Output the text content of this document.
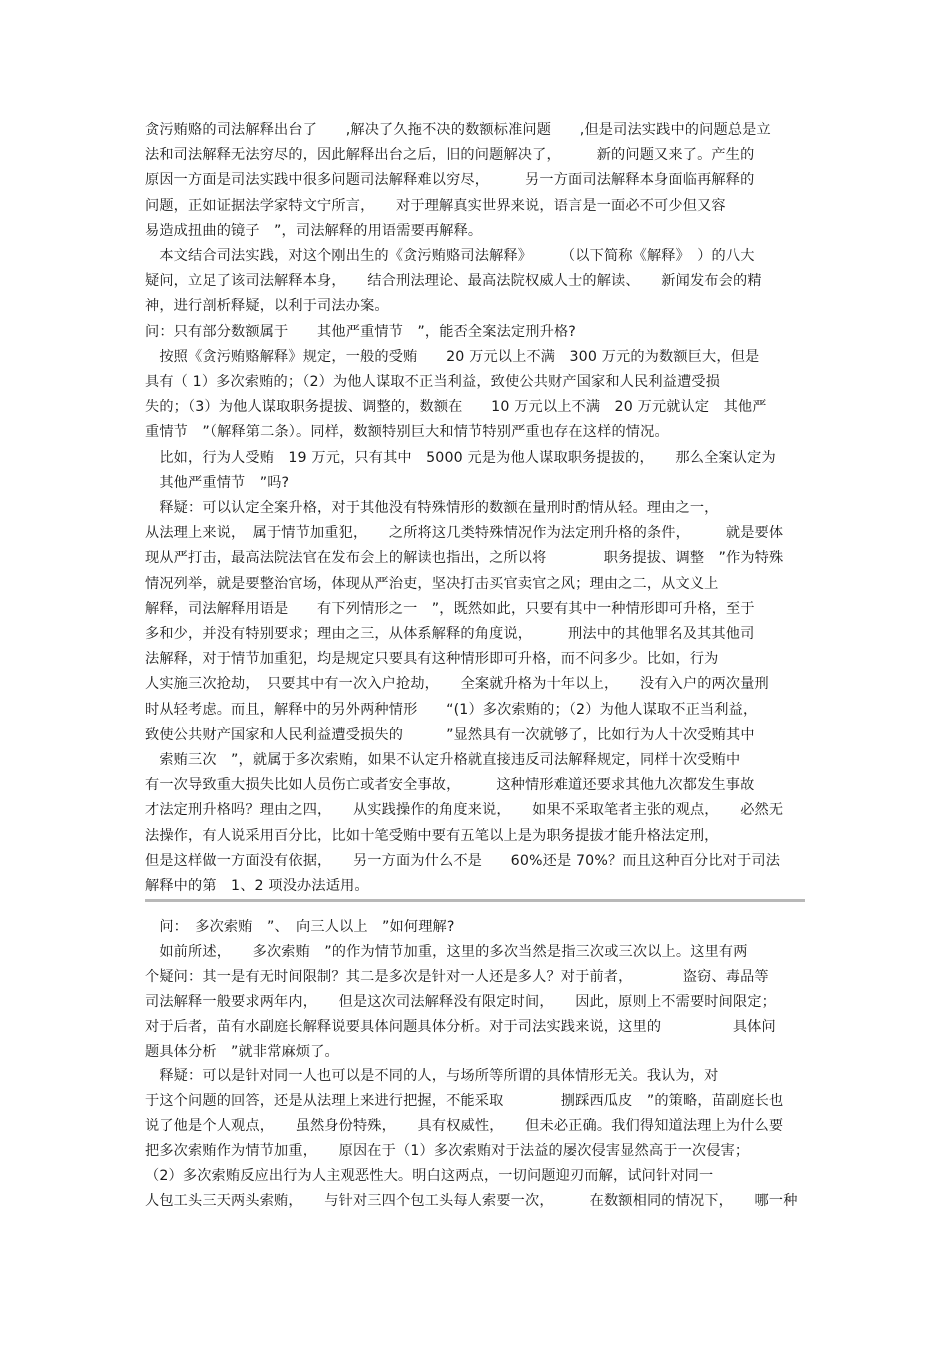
贪污贿赂的司法解释出台了　　,解决了久拖不决的数额标准问题　　,但是司法实践中的问题总是立
法和司法解释无法穷尽的，因此解释出台之后，旧的问题解决了，　　　新的问题又来了。产生的
原因一方面是司法实践中很多问题司法解释难以穷尽，　　　另一方面司法解释本身面临再解释的
问题，正如证据法学家特文宁所言，　　对于理解真实世界来说，语言是一面必不可少但又容
易造成扭曲的镜子　”，司法解释的用语需要再解释。
　本文结合司法实践，对这个刚出生的《贪污贿赂司法解释》　　　（以下简称《解释》　）的八大
疑问，立足了该司法解释本身，　　结合刑法理论、最高法院权威人士的解读、　　新闻发布会的精
神，进行剖析释疑，以利于司法办案。
问：只有部分数额属于　　其他严重情节　”，能否全案法定刑升格?
　按照《贪污贿赂解释》规定，一般的受贿　　20 万元以上不满　300 万元的为数额巨大，但是
具有（ 1）多次索贿的；（2）为他人谋取不正当利益，致使公共财产国家和人民利益遭受损
失的；（3）为他人谋取职务提拔、调整的，数额在　　10 万元以上不满　20 万元就认定　其他严
重情节　”（解释第二条）。同样，数额特别巨大和情节特别严重也存在这样的情况。
　比如，行为人受贿　19 万元，只有其中　5000 元是为他人谋取职务提拔的，　　那么全案认定为
　其他严重情节　”吗?
　释疑：可以认定全案升格，对于其他没有特殊情形的数额在量刑时酌情从轻。理由之一，
从法理上来说，　属于情节加重犯，　　之所将这几类特殊情况作为法定刑升格的条件，　　　就是要体
现从严打击，最高法院法官在发布会上的解读也指出，之所以将　　　　职务提拔、调整　”作为特殊
情况列举，就是要整治官场，体现从严治吏，坚决打击买官卖官之风；理由之二，从文义上
解释，司法解释用语是　　有下列情形之一　”，既然如此，只要有其中一种情形即可升格，至于
多和少，并没有特别要求；理由之三，从体系解释的角度说，　　　刑法中的其他罪名及其其他司
法解释，对于情节加重犯，均是规定只要具有这种情形即可升格，而不问多少。比如，行为
人实施三次抢劫，　只要其中有一次入户抢劫，　　全案就升格为十年以上，　　没有入户的两次量刑
时从轻考虑。而且，解释中的另外两种情形　　“(1）多次索贿的；（2）为他人谋取不正当利益，
致使公共财产国家和人民利益遭受损失的　　　”显然具有一次就够了，比如行为人十次受贿其中
　索贿三次　”，就属于多次索贿，如果不认定升格就直接违反司法解释规定，同样十次受贿中
有一次导致重大损失比如人员伤亡或者安全事故，　　　这种情形难道还要求其他九次都发生事故
才法定刑升格吗？理由之四，　　从实践操作的角度来说，　　如果不采取笔者主张的观点，　　必然无
法操作，有人说采用百分比，比如十笔受贿中要有五笔以上是为职务提拔才能升格法定刑，
但是这样做一方面没有依据，　　另一方面为什么不是　　60%还是 70%？而且这种百分比对于司法
解释中的第　1、2 项没办法适用。
　问：　多次索贿　”、　向三人以上　”如何理解?
　如前所述，　　多次索贿　”的作为情节加重，这里的多次当然是指三次或三次以上。这里有两
个疑问：其一是有无时间限制？其二是多次是针对一人还是多人？对于前者，　　　　盗窃、毒品等
司法解释一般要求两年内，　　但是这次司法解释没有限定时间，　　因此，原则上不需要时间限定；
对于后者，苗有水副庭长解释说要具体问题具体分析。对于司法实践来说，这里的　　　　　具体问
题具体分析　”就非常麻烦了。
　释疑：可以是针对同一人也可以是不同的人，与场所等所谓的具体情形无关。我认为，对
于这个问题的回答，还是从法理上来进行把握，不能采取　　　　捌踩西瓜皮　”的策略，苗副庭长也
说了他是个人观点，　　虽然身份特殊，　　具有权威性，　　但未必正确。我们得知道法理上为什么要
把多次索贿作为情节加重，　　原因在于（1）多次索贿对于法益的屡次侵害显然高于一次侵害；
（2）多次索贿反应出行为人主观恶性大。明白这两点，一切问题迎刃而解，试问针对同一
人包工头三天两头索贿，　　与针对三四个包工头每人索要一次，　　　在数额相同的情况下，　　哪一种
